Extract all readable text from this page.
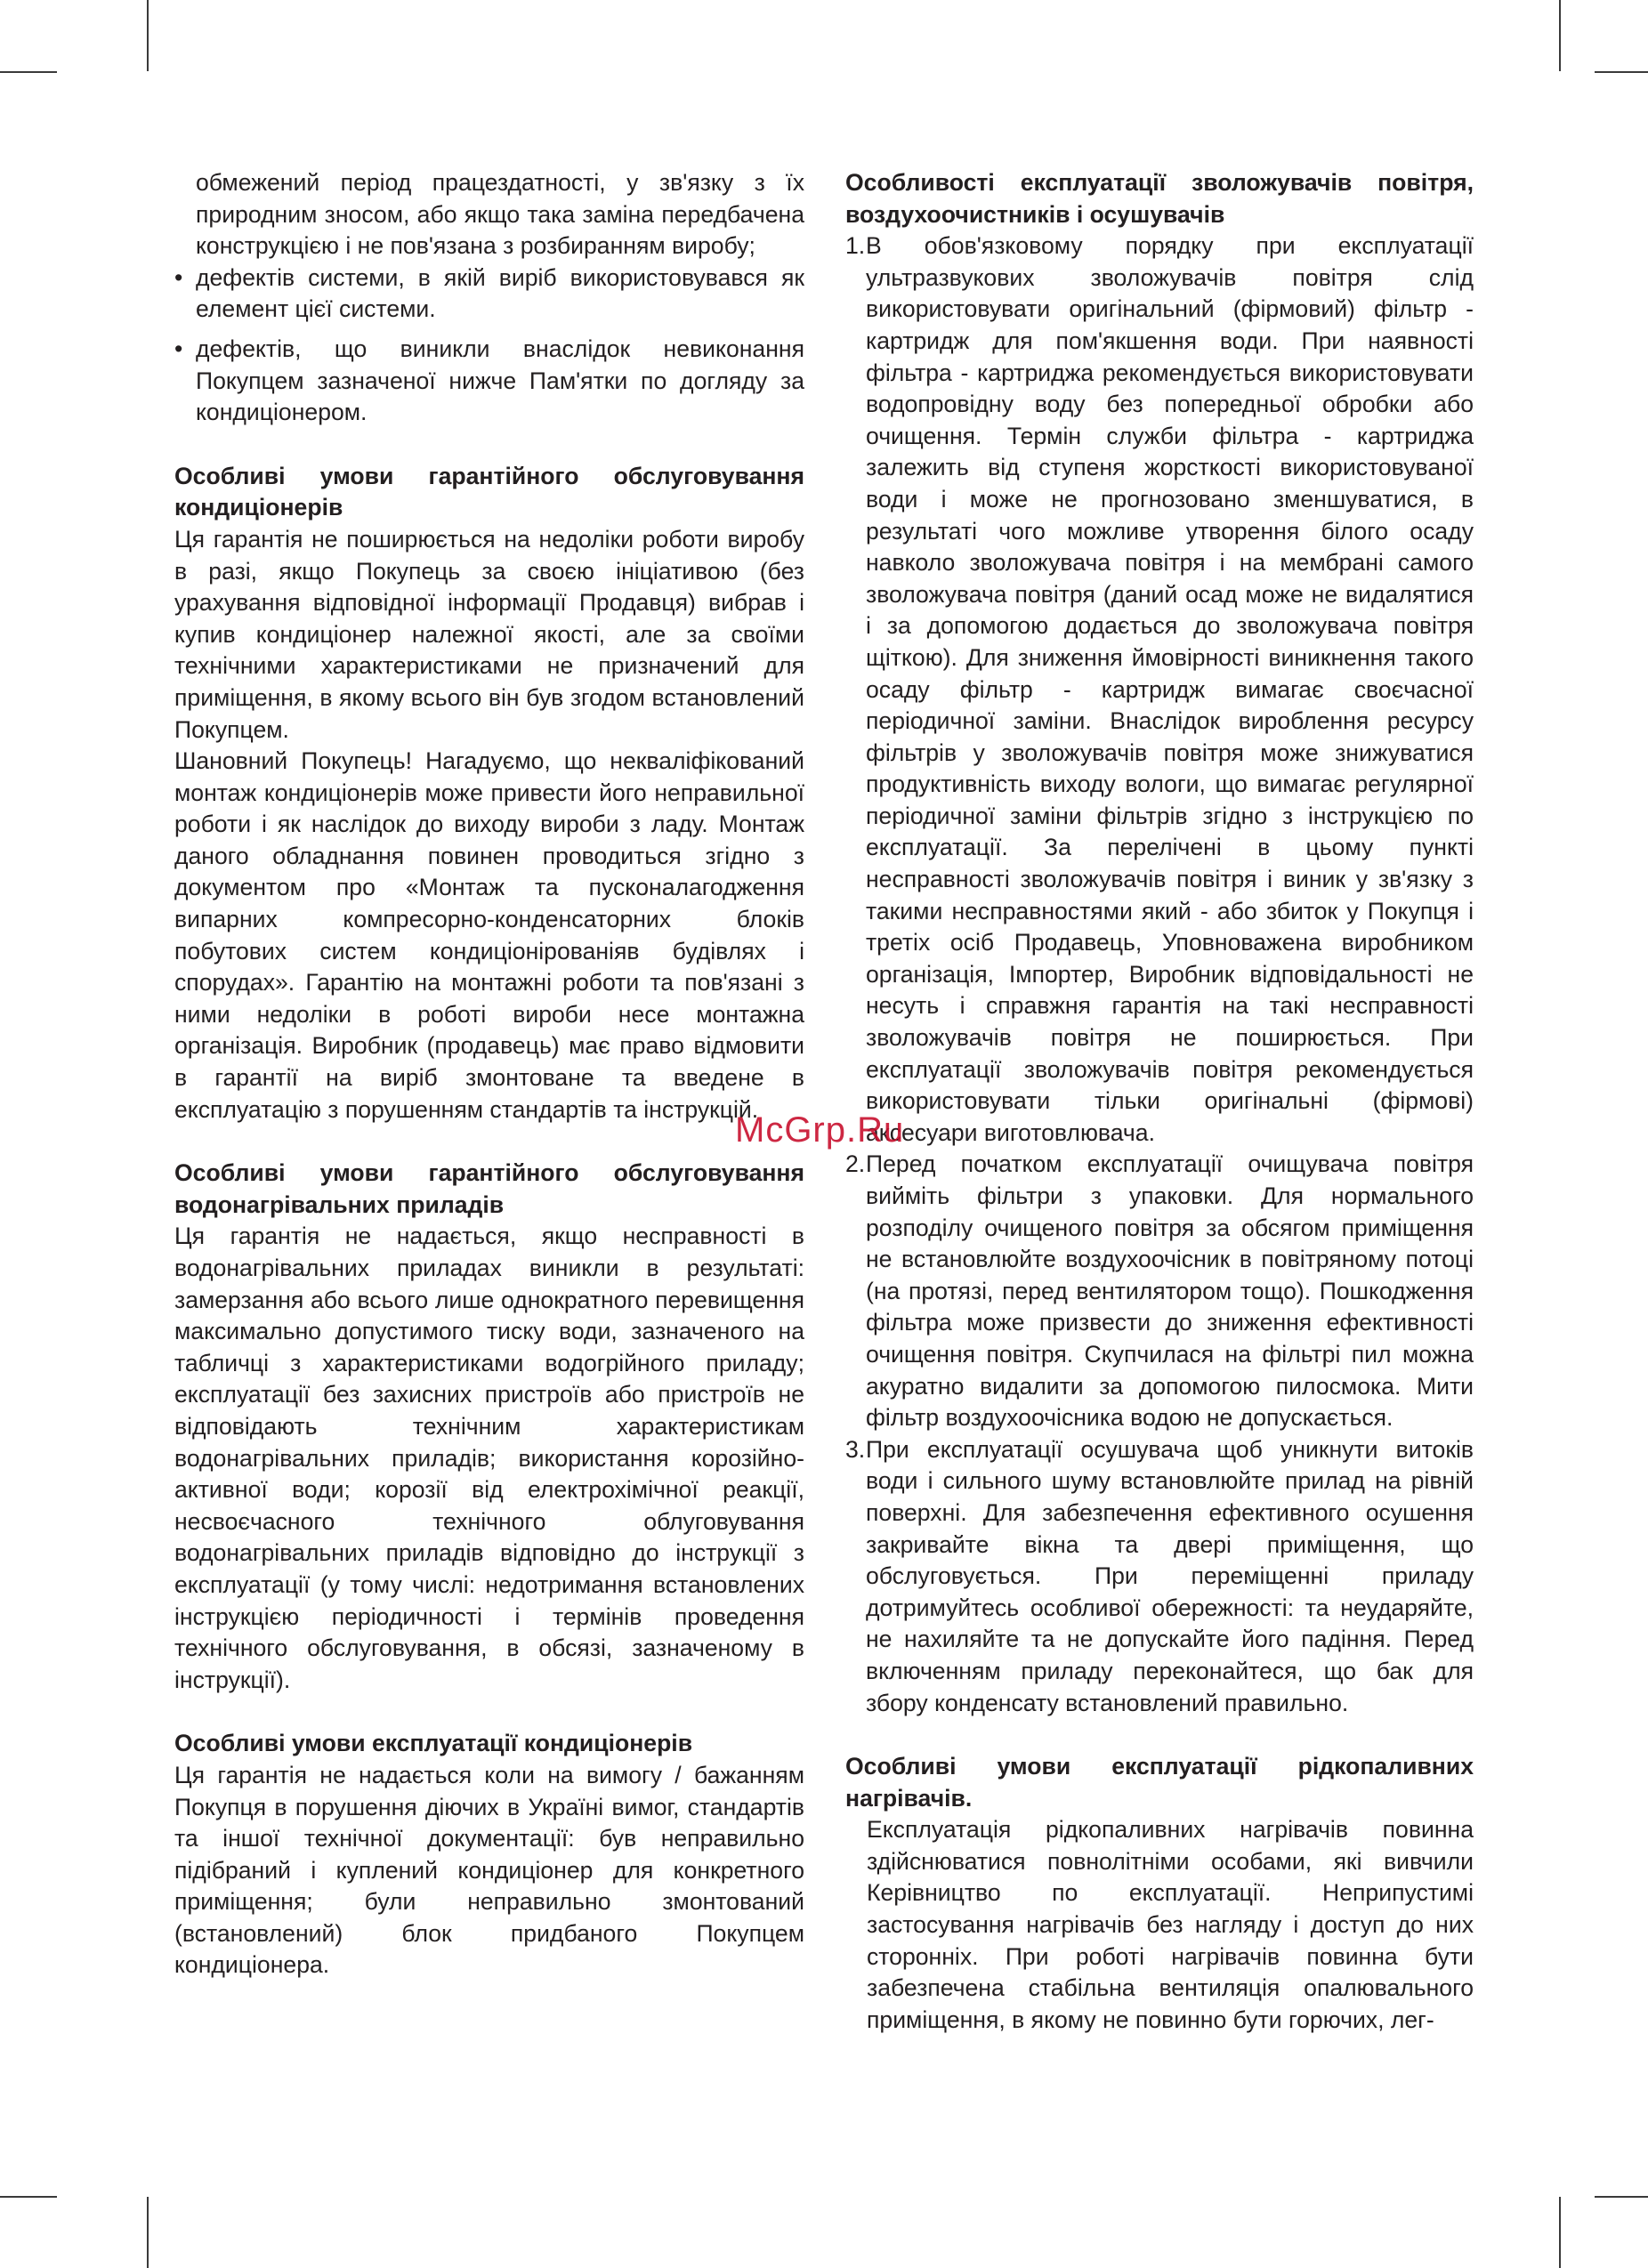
обмежений період працездатності, у зв'язку з їх природним зносом, або якщо така заміна передбачена конструкцією і не пов'язана з розбиранням виробу;

• дефектів системи, в якій виріб використовувався як елемент цієї системи.
• дефектів, що виникли внаслідок невиконання Покупцем зазначеної нижче Пам'ятки по догляду за кондиціонером.

Особливі умови гарантійного обслуговування кондиціонерів

Ця гарантія не поширюється на недоліки роботи виробу в разі, якщо Покупець за своєю ініціативою (без урахування відповідної інформації Продавця) вибрав і купив кондиціонер належної якості, але за своїми технічними характеристиками не призначений для приміщення, в якому всього він був згодом встановлений Покупцем.

Шановний Покупець! Нагадуємо, що некваліфікований монтаж кондиціонерів може привести його неправильної роботи і як наслідок до виходу вироби з ладу. Монтаж даного обладнання повинен проводиться згідно з документом про «Монтаж та пусконалагодження випарних компресорно-конденсаторних блоків побутових систем кондиціонірованіяв будівлях і спорудах». Гарантію на монтажні роботи та пов'язані з ними недоліки в роботі вироби несе монтажна організація. Виробник (продавець) має право відмовити в гарантії на виріб змонтоване та введене в експлуатацію з порушенням стандартів та інструкцій.

Особливі умови гарантійного обслуговування водонагрівальних приладів

Ця гарантія не надається, якщо несправності в водонагрівальних приладах виникли в результаті: замерзання або всього лише однократного перевищення максимально допустимого тиску води, зазначеного на табличці з характеристиками водогрійного приладу; експлуатації без захисних пристроїв або пристроїв не відповідають технічним характеристикам водонагрівальних приладів; використання корозійно-активної води; корозії від електрохімічної реакції, несвоєчасного технічного облуговування водонагрівальних приладів відповідно до інструкції з експлуатації (у тому числі: недотримання встановлених інструкцією періодичності і термінів проведення технічного обслуговування, в обсязі, зазначеному в інструкції).

Особливі умови експлуатації кондиціонерів

Ця гарантія не надається коли на вимогу / бажанням Покупця в порушення діючих в Україні вимог, стандартів та іншої технічної документації: був неправильно підібраний і куплений кондиціонер для конкретного приміщення; були неправильно змонтований (встановлений) блок придбаного Покупцем кондиціонера.

Особливості експлуатації зволожувачів повітря, воздухоочистників і осушувачів

1. В обов'язковому порядку при експлуатації ультразвукових зволожувачів повітря слід використовувати оригінальний (фірмовий) фільтр - картридж для пом'якшення води. При наявності фільтра - картриджа рекомендується використовувати водопровідну воду без попередньої обробки або очищення. Термін служби фільтра - картриджа залежить від ступеня жорсткості використовуваної води і може не прогнозовано зменшуватися, в результаті чого можливе утворення білого осаду навколо зволожувача повітря і на мембрані самого зволожувача повітря (даний осад може не видалятися і за допомогою додається до зволожувача повітря щіткою). Для зниження ймовірності виникнення такого осаду фільтр - картридж вимагає своєчасної періодичної заміни. Внаслідок вироблення ресурсу фільтрів у зволожувачів повітря може знижуватися продуктивність виходу вологи, що вимагає регулярної періодичної заміни фільтрів згідно з інструкцією по експлуатації. За переліченi в цьому пункті несправності зволожувачів повітря і виник у зв'язку з такими несправностями який - або збиток у Покупця і третіх осіб Продавець, Уповноважена виробником організація, Імпортер, Виробник відповідальності не несуть і справжня гарантія на такі несправності зволожувачів повітря не поширюється. При експлуатації зволожувачів повітря рекомендується використовувати тільки оригінальні (фірмові) аксесуари виготовлювача.
2. Перед початком експлуатації очищувача повітря вийміть фільтри з упаковки. Для нормального розподілу очищеного повітря за обсягом приміщення не встановлюйте воздухоочісник в повітряному потоці (на протязі, перед вентилятором тощо). Пошкодження фільтра може призвести до зниження ефективності очищення повітря. Скупчилася на фільтрі пил можна акуратно видалити за допомогою пилосмока. Мити фільтр воздухоочісника водою не допускається.
3. При експлуатації осушувача щоб уникнути витоків води і сильного шуму встановлюйте прилад на рівній поверхні. Для забезпечення ефективного осушення закривайте вікна та двері приміщення, що обслуговується. При переміщенні приладу дотримуйтесь особливої обережності: та неударяйте, не нахиляйте та не допускайте його падіння. Перед включенням приладу переконайтеся, що бак для збору конденсату встановлений правильно.

Особливі умови експлуатації рідкопаливних нагрівачів.

Експлуатація рідкопаливних нагрівачів повинна здійснюватися повнолітніми особами, які вивчили Керівництво по експлуатації. Неприпустимі застосування нагрівачів без нагляду і доступ до них сторонніх. При роботі нагрівачів повинна бути забезпечена стабільна вентиляція опалювального приміщення, в якому не повинно бути горючих, лег-

McGrp.Ru
